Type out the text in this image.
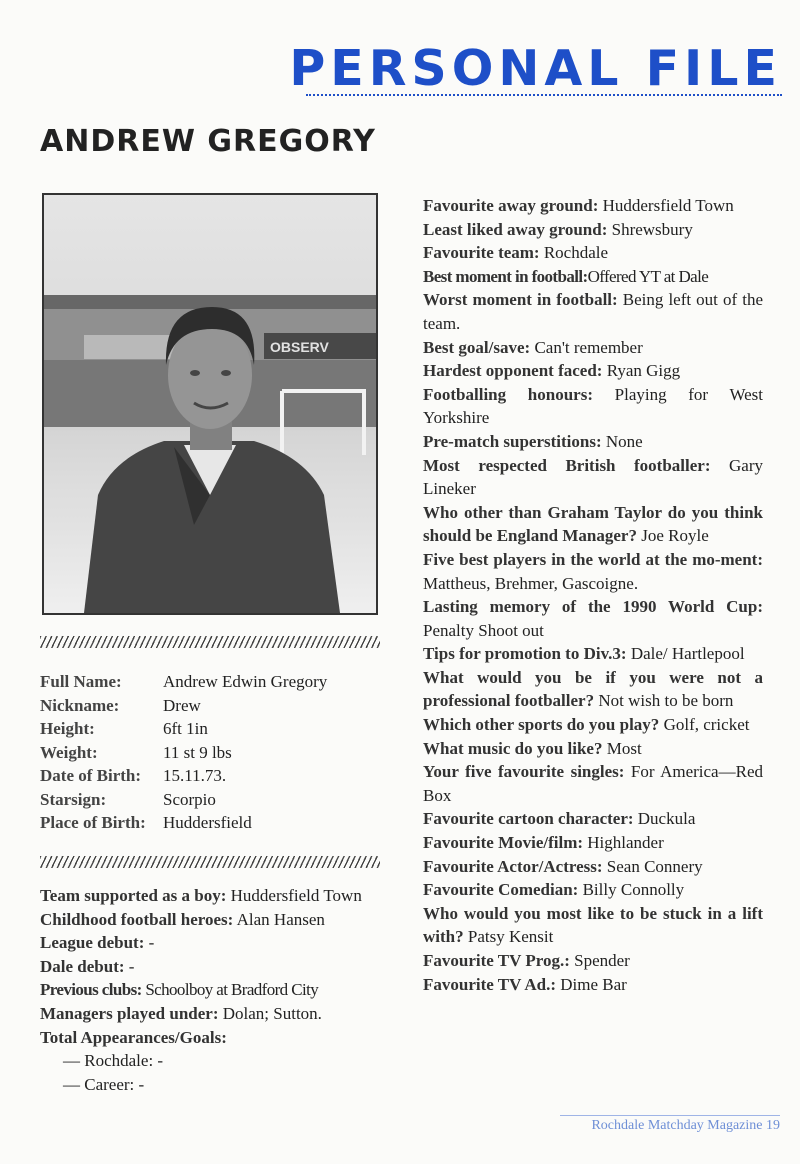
PERSONAL FILE
ANDREW GREGORY
OBSERV
Full Name:	Andrew Edwin Gregory
Nickname:	Drew
Height:	6ft 1in
Weight:	11 st 9 lbs
Date of Birth:	15.11.73.
Starsign:	Scorpio
Place of Birth:	Huddersfield

Team supported as a boy: Huddersfield Town

Childhood football heroes: Alan Hansen

League debut: -

Dale debut: -

Previous clubs: Schoolboy at Bradford City

Managers played under: Dolan; Sutton.

Total Appearances/Goals:

— Rochdale: -

— Career: -

Favourite away ground: Huddersfield Town

Least liked away ground: Shrewsbury

Favourite team: Rochdale

Best moment in football:Offered YT at Dale

Worst moment in football: Being left out of the team.

Best goal/save: Can't remember

Hardest opponent faced: Ryan Gigg

Footballing honours: Playing for West Yorkshire

Pre-match superstitions: None

Most respected British footballer: Gary Lineker

Who other than Graham Taylor do you think should be England Manager? Joe Royle

Five best players in the world at the mo-ment: Mattheus, Brehmer, Gascoigne.

Lasting memory of the 1990 World Cup: Penalty Shoot out

Tips for promotion to Div.3: Dale/ Hartlepool

What would you be if you were not a professional footballer? Not wish to be born

Which other sports do you play? Golf, cricket

What music do you like? Most

Your five favourite singles: For America—Red Box

Favourite cartoon character: Duckula

Favourite Movie/film: Highlander

Favourite Actor/Actress: Sean Connery

Favourite Comedian: Billy Connolly

Who would you most like to be stuck in a lift with? Patsy Kensit

Favourite TV Prog.: Spender

Favourite TV Ad.: Dime Bar

Rochdale Matchday Magazine 19
